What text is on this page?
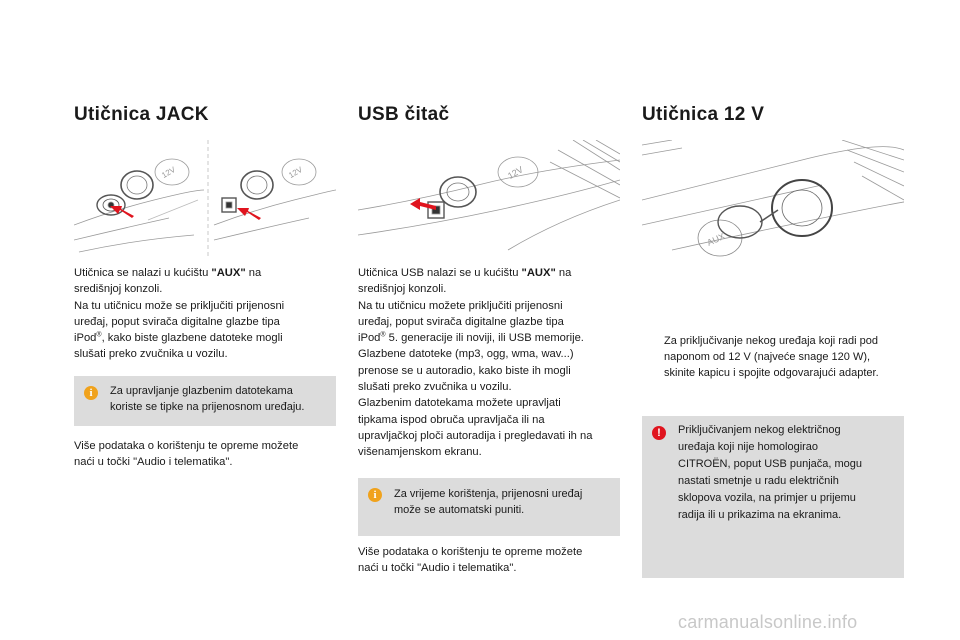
Utičnica JACK
12V	12V
Utičnica se nalazi u kućištu "AUX" na
središnjoj konzoli.
Na tu utičnicu može se priključiti prijenosni
uređaj, poput svirača digitalne glazbe tipa
iPod®, kako biste glazbene datoteke mogli
slušati preko zvučnika u vozilu.
i	Za upravljanje glazbenim datotekama
koriste se tipke na prijenosnom uređaju.
Više podataka o korištenju te opreme možete
naći u točki "Audio i telematika".
USB čitač
12V
Utičnica USB nalazi se u kućištu "AUX" na
središnjoj konzoli.
Na tu utičnicu možete priključiti prijenosni
uređaj, poput svirača digitalne glazbe tipa
iPod® 5. generacije ili noviji, ili USB memorije.
Glazbene datoteke (mp3, ogg, wma, wav...)
prenose se u autoradio, kako biste ih mogli
slušati preko zvučnika u vozilu.
Glazbenim datotekama možete upravljati
tipkama ispod obruča upravljača ili na
upravljačkoj ploči autoradija i pregledavati ih na
višenamjenskom ekranu.
i	Za vrijeme korištenja, prijenosni uređaj
može se automatski puniti.
Više podataka o korištenju te opreme možete
naći u točki "Audio i telematika".
Utičnica 12 V
AUX
Za priključivanje nekog uređaja koji radi pod
naponom od 12 V (najveće snage 120 W),
skinite kapicu i spojite odgovarajući adapter.
!	Priključivanjem nekog električnog
uređaja koji nije homologirao
CITROËN, poput USB punjača, mogu
nastati smetnje u radu električnih
sklopova vozila, na primjer u prijemu
radija ili u prikazima na ekranima.
carmanualsonline.info
